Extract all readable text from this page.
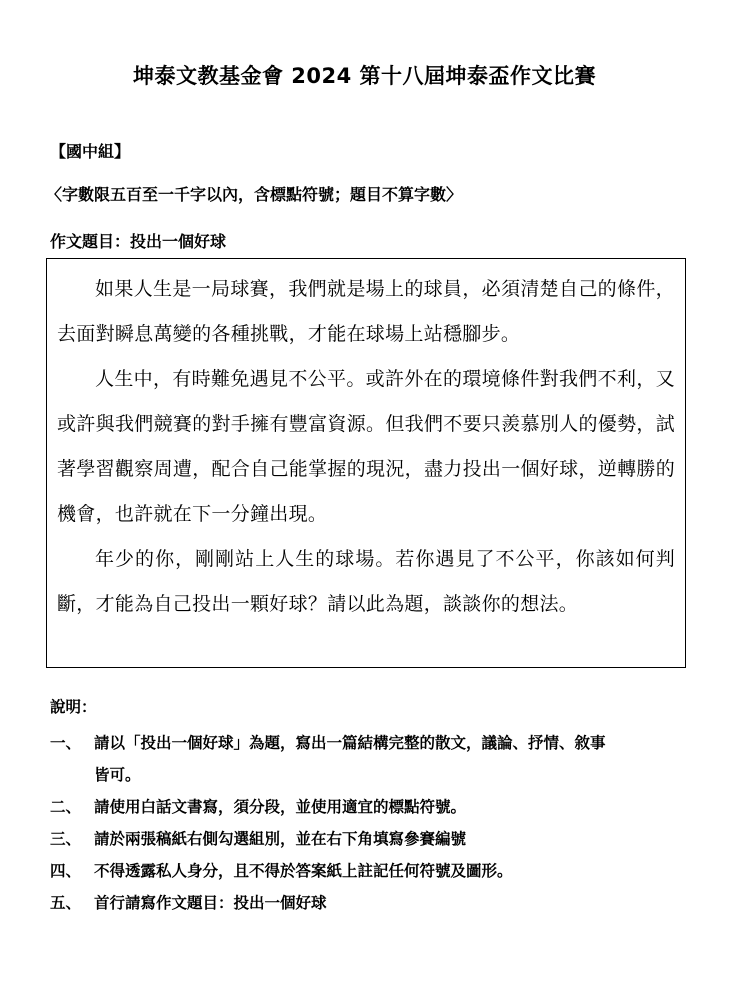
坤泰文教基金會 2024 第十八屆坤泰盃作文比賽
【國中組】
〈字數限五百至一千字以內，含標點符號；題目不算字數〉
作文題目：投出一個好球

如果人生是一局球賽，我們就是場上的球員，必須清楚自己的條件，去面對瞬息萬變的各種挑戰，才能在球場上站穩腳步。

人生中，有時難免遇見不公平。或許外在的環境條件對我們不利，又或許與我們競賽的對手擁有豐富資源。但我們不要只羨慕別人的優勢，試著學習觀察周遭，配合自己能掌握的現況，盡力投出一個好球，逆轉勝的機會，也許就在下一分鐘出現。

年少的你，剛剛站上人生的球場。若你遇見了不公平，你該如何判斷，才能為自己投出一顆好球？請以此為題，談談你的想法。

說明：
一、 請以「投出一個好球」為題，寫出一篇結構完整的散文，議論、抒情、敘事皆可。
二、 請使用白話文書寫，須分段，並使用適宜的標點符號。
三、 請於兩張稿紙右側勾選組別，並在右下角填寫參賽編號
四、 不得透露私人身分，且不得於答案紙上註記任何符號及圖形。
五、 首行請寫作文題目：投出一個好球
